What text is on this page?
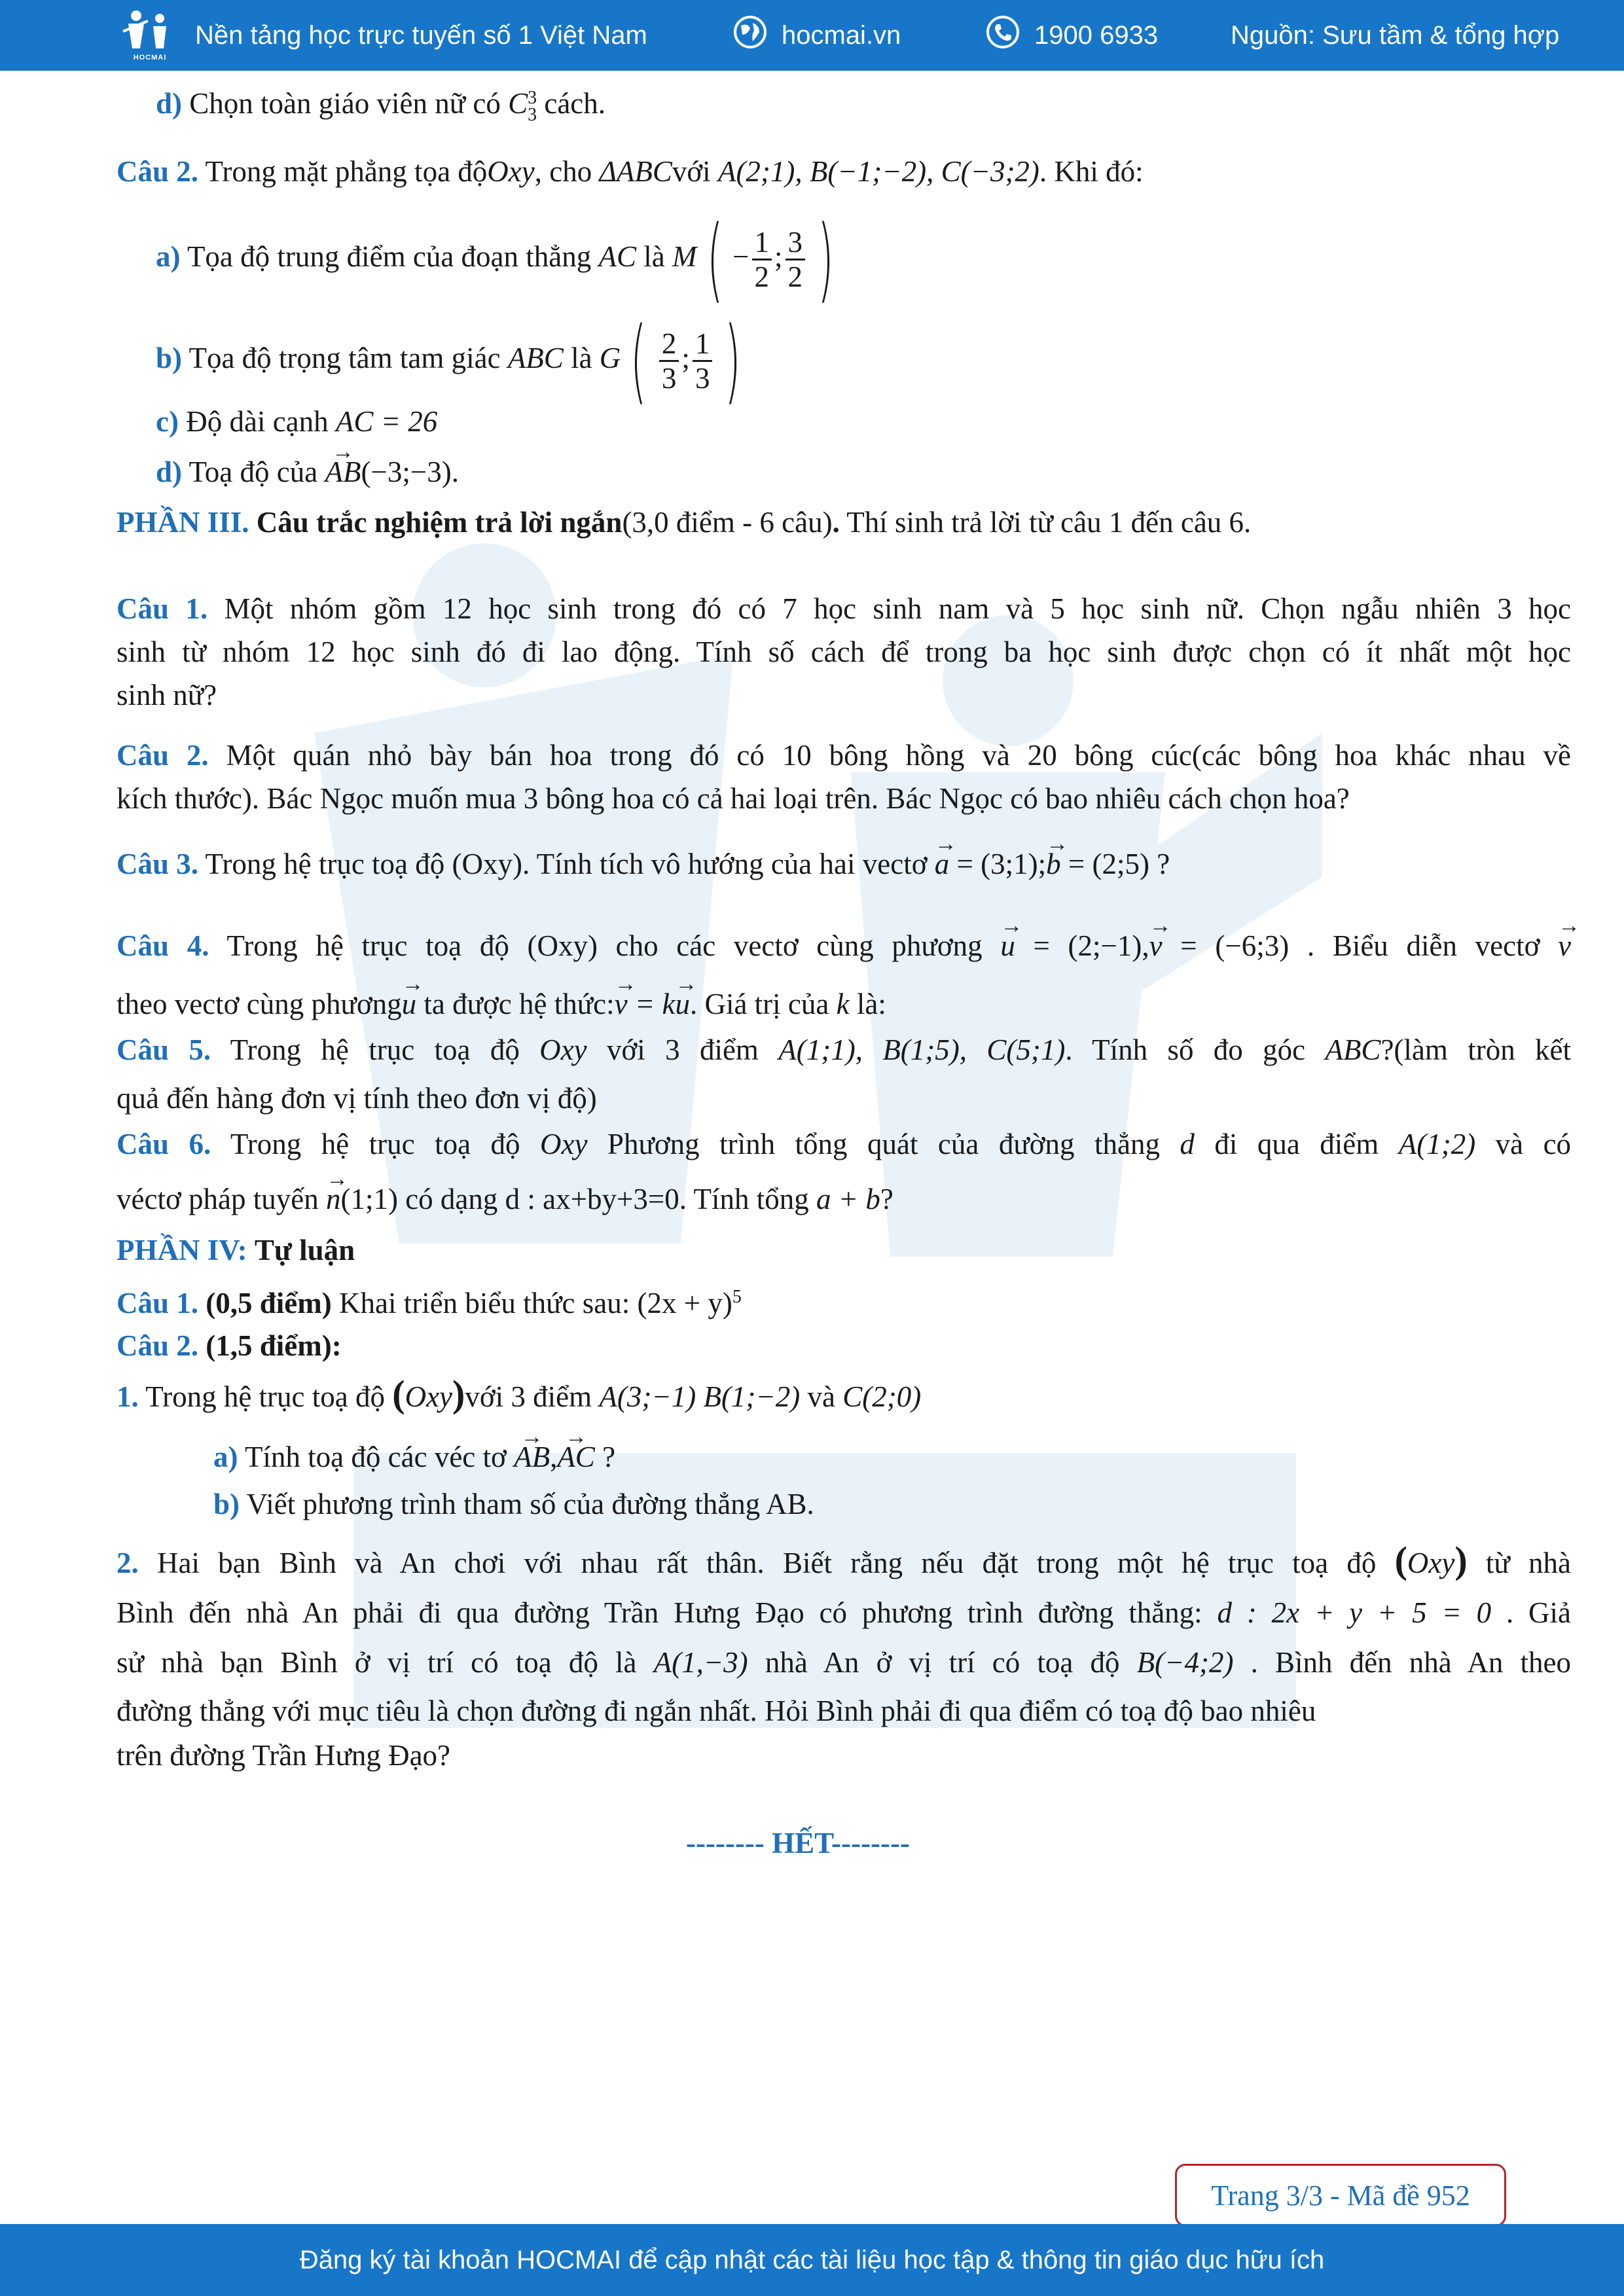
HOCMAI
Nền tảng học trực tuyến số 1 Việt Nam	hocmai.vn	1900 6933	Nguồn: Sưu tầm & tổng hợp
d) Chọn toàn giáo viên nữ có C 3
3 cách.
Câu 2. Trong mặt phẳng tọa độOxy, cho ΔABCvới A(2;1), B(−1;−2), C(−3;2). Khi đó:
a) Tọa độ trung điểm của đoạn thẳng AC là M ( − $\frac{1}{2}$ ; $\frac{3}{2}$ )
b) Tọa độ trọng tâm tam giác ABC là G ( $\frac{2}{3}$ ; $\frac{1}{3}$ )
c) Độ dài cạnh AC = 26
d) Toạ độ của → AB(−3;−3).
PHẦN III. Câu trắc nghiệm trả lời ngắn(3,0 điểm - 6 câu). Thí sinh trả lời từ câu 1 đến câu 6.
Câu 1. Một nhóm gồm 12 học sinh trong đó có 7 học sinh nam và 5 học sinh nữ. Chọn ngẫu nhiên 3 học
sinh từ nhóm 12 học sinh đó đi lao động. Tính số cách để trong ba học sinh được chọn có ít nhất một học
sinh nữ?
Câu 2. Một quán nhỏ bày bán hoa trong đó có 10 bông hồng và 20 bông cúc(các bông hoa khác nhau về
kích thước). Bác Ngọc muốn mua 3 bông hoa có cả hai loại trên. Bác Ngọc có bao nhiêu cách chọn hoa?
Câu 3. Trong hệ trục toạ độ (Oxy). Tính tích vô hướng của hai vectơ → a = (3;1);→ b = (2;5) ?
Câu 4. Trong hệ trục toạ độ (Oxy) cho các vectơ cùng phương → u = (2;−1),→ v = (−6;3) . Biểu diễn vectơ → v
theo vectơ cùng phương→ u ta được hệ thức:→ v = k→ u. Giá trị của k là:
Câu 5. Trong hệ trục toạ độ Oxy với 3 điểm A(1;1), B(1;5), C(5;1). Tính số đo góc ABC?(làm tròn kết
quả đến hàng đơn vị tính theo đơn vị độ)
Câu 6. Trong hệ trục toạ độ Oxy Phương trình tổng quát của đường thẳng d đi qua điểm A(1;2) và có
véctơ pháp tuyến → n(1;1) có dạng d : ax+by+3=0. Tính tổng a + b?
PHẦN IV: Tự luận
Câu 1. (0,5 điểm) Khai triển biểu thức sau: $(2x + y)^5$
Câu 2. (1,5 điểm):
1. Trong hệ trục toạ độ (Oxy)với 3 điểm A(3;−1) B(1;−2) và C(2;0)
a) Tính toạ độ các véc tơ → AB,→ AC ?
b) Viết phương trình tham số của đường thẳng AB.
2. Hai bạn Bình và An chơi với nhau rất thân. Biết rằng nếu đặt trong một hệ trục toạ độ (Oxy) từ nhà
Bình đến nhà An phải đi qua đường Trần Hưng Đạo có phương trình đường thẳng: d : 2x + y + 5 = 0 . Giả
sử nhà bạn Bình ở vị trí có toạ độ là A(1,−3) nhà An ở vị trí có toạ độ B(−4;2) . Bình đến nhà An theo
đường thẳng với mục tiêu là chọn đường đi ngắn nhất. Hỏi Bình phải đi qua điểm có toạ độ bao nhiêu
trên đường Trần Hưng Đạo?
-------- HẾT--------
Trang 3/3 - Mã đề 952
Đăng ký tài khoản HOCMAI để cập nhật các tài liệu học tập & thông tin giáo dục hữu ích
